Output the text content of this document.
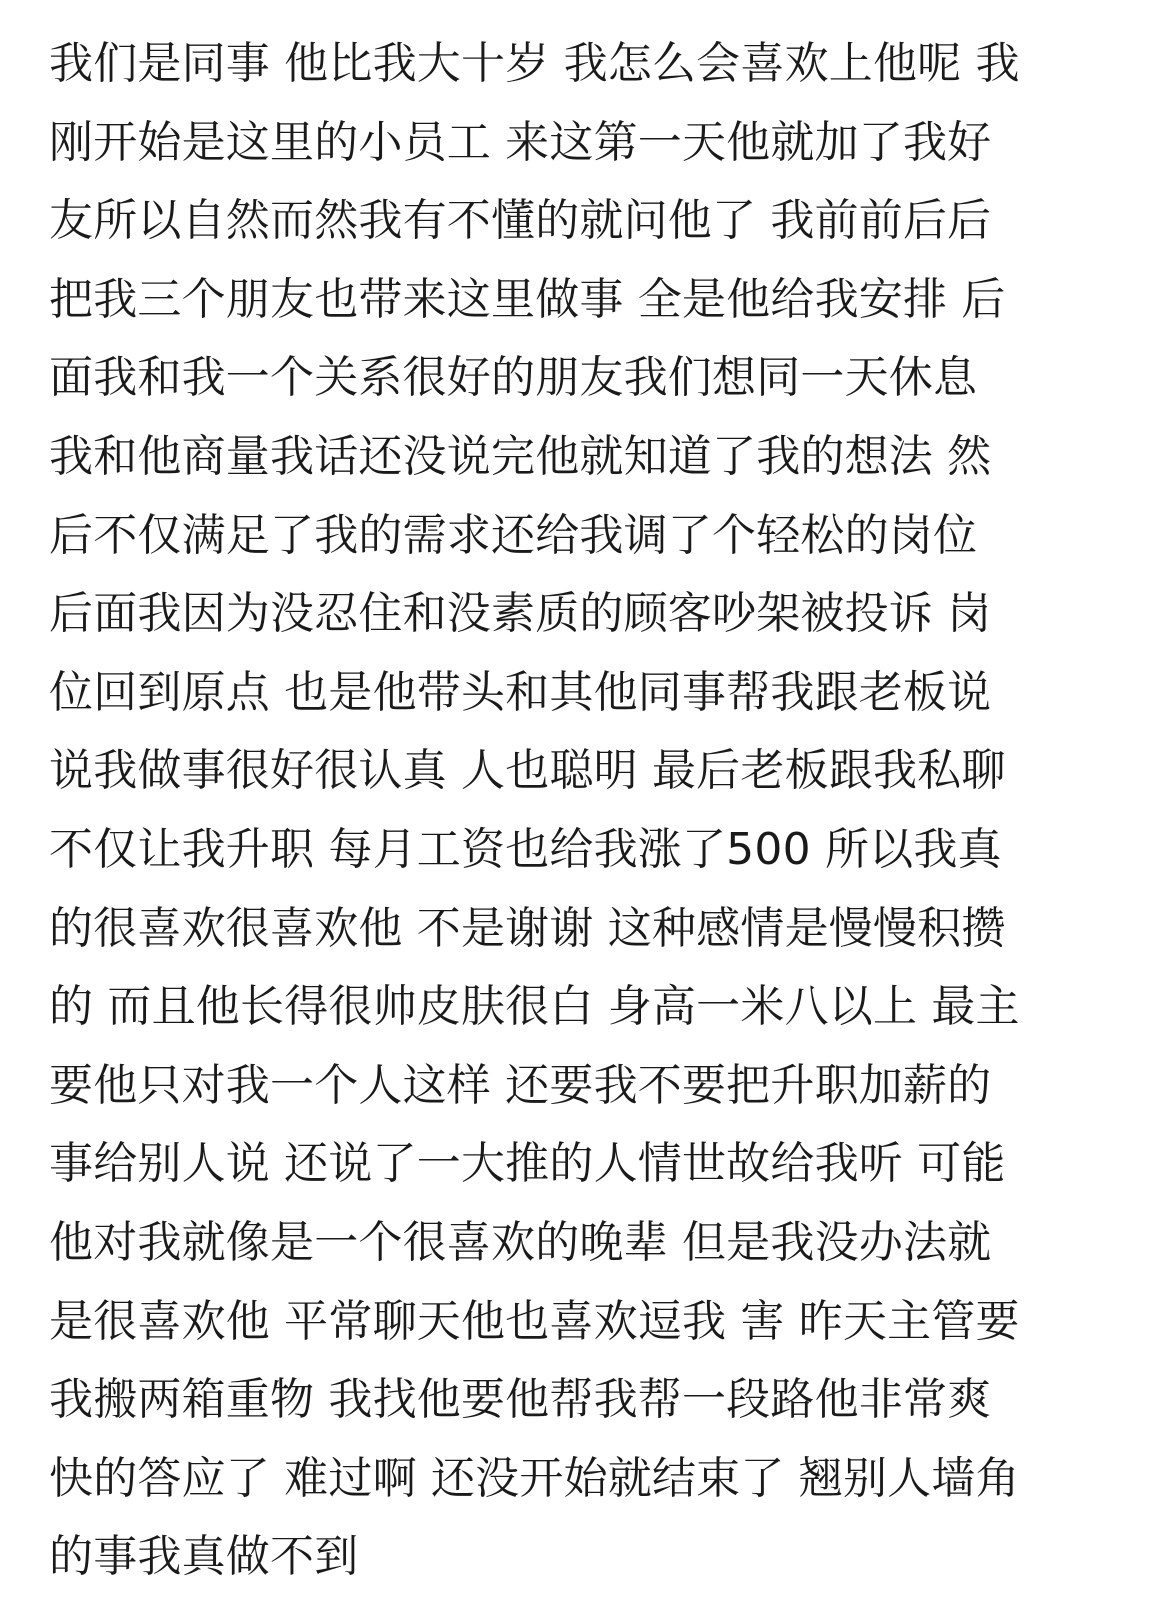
我们是同事 他比我大十岁 我怎么会喜欢上他呢 我
刚开始是这里的小员工 来这第一天他就加了我好
友所以自然而然我有不懂的就问他了 我前前后后
把我三个朋友也带来这里做事 全是他给我安排 后
面我和我一个关系很好的朋友我们想同一天休息
我和他商量我话还没说完他就知道了我的想法 然
后不仅满足了我的需求还给我调了个轻松的岗位
后面我因为没忍住和没素质的顾客吵架被投诉 岗
位回到原点 也是他带头和其他同事帮我跟老板说
说我做事很好很认真 人也聪明 最后老板跟我私聊
不仅让我升职 每月工资也给我涨了500 所以我真
的很喜欢很喜欢他 不是谢谢 这种感情是慢慢积攒
的 而且他长得很帅皮肤很白 身高一米八以上 最主
要他只对我一个人这样 还要我不要把升职加薪的
事给别人说 还说了一大推的人情世故给我听 可能
他对我就像是一个很喜欢的晚辈 但是我没办法就
是很喜欢他 平常聊天他也喜欢逗我 害 昨天主管要
我搬两箱重物 我找他要他帮我帮一段路他非常爽
快的答应了 难过啊 还没开始就结束了 翘别人墙角
的事我真做不到
